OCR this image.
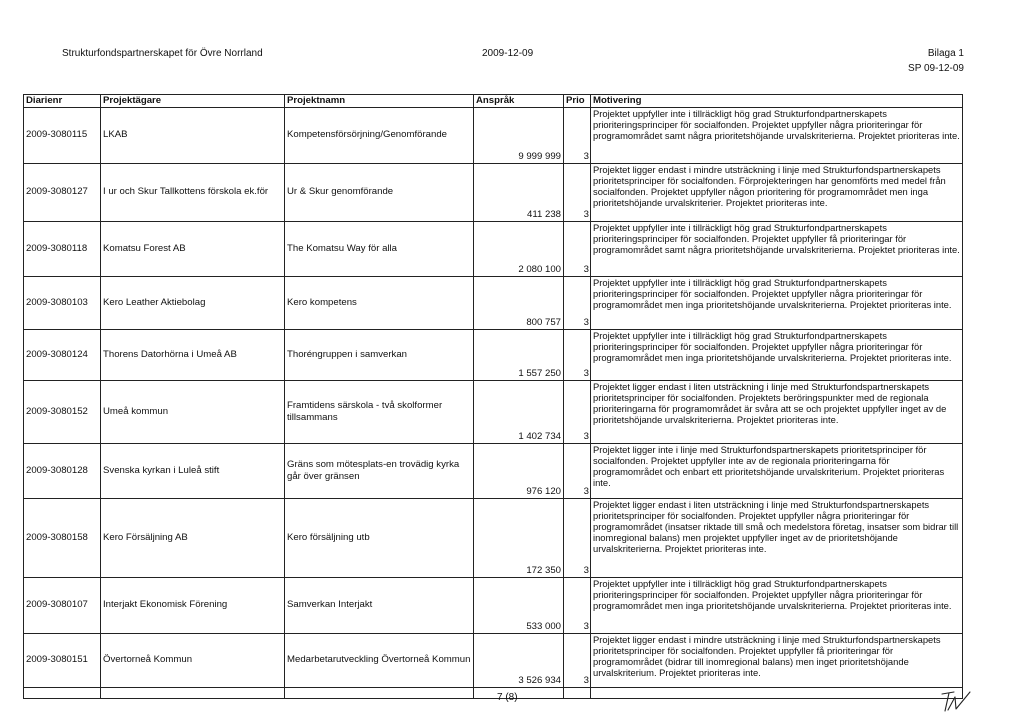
Strukturfondspartnerskapet för Övre Norrland	2009-12-09	Bilaga 1
SP 09-12-09
Diarienr	Projektägare	Projektnamn	Anspråk	Prio	Motivering
2009-3080115	LKAB	Kompetensförsörjning/Genomförande	9 999 999	3	Projektet uppfyller inte i tillräckligt hög grad Strukturfondpartnerskapets prioriteringsprinciper för socialfonden. Projektet uppfyller några prioriteringar för programområdet samt några prioritetshöjande urvalskriterierna. Projektet prioriteras inte.
2009-3080127	I ur och Skur Tallkottens förskola ek.för	Ur & Skur genomförande	411 238	3	Projektet ligger endast i mindre utsträckning i linje med Strukturfondspartnerskapets prioritetsprinciper för socialfonden. Förprojekteringen har genomförts med medel från socialfonden. Projektet uppfyller någon prioritering för programområdet men inga prioritetshöjande urvalskriterier. Projektet prioriteras inte.
2009-3080118	Komatsu Forest AB	The Komatsu Way för alla	2 080 100	3	Projektet uppfyller inte i tillräckligt hög grad Strukturfondpartnerskapets prioriteringsprinciper för socialfonden. Projektet uppfyller få prioriteringar för programområdet samt några prioritetshöjande urvalskriterierna. Projektet prioriteras inte.
2009-3080103	Kero Leather Aktiebolag	Kero kompetens	800 757	3	Projektet uppfyller inte i tillräckligt hög grad Strukturfondpartnerskapets prioriteringsprinciper för socialfonden. Projektet uppfyller några prioriteringar för programområdet men inga prioritetshöjande urvalskriterierna. Projektet prioriteras inte.
2009-3080124	Thorens Datorhörna i Umeå AB	Thoréngruppen i samverkan	1 557 250	3	Projektet uppfyller inte i tillräckligt hög grad Strukturfondpartnerskapets prioriteringsprinciper för socialfonden. Projektet uppfyller några prioriteringar för programområdet men inga prioritetshöjande urvalskriterierna. Projektet prioriteras inte.
2009-3080152	Umeå kommun	Framtidens särskola - två skolformer tillsammans	1 402 734	3	Projektet ligger endast i liten utsträckning i linje med Strukturfondspartnerskapets prioritetsprinciper för socialfonden. Projektets beröringspunkter med de regionala prioriteringarna för programområdet är svåra att se och projektet uppfyller inget av de prioritetshöjande urvalskriterierna. Projektet prioriteras inte.
2009-3080128	Svenska kyrkan i Luleå stift	Gräns som mötesplats-en trovädig kyrka går över gränsen	976 120	3	Projektet ligger inte i linje med Strukturfondspartnerskapets prioritetsprinciper för socialfonden. Projektet uppfyller inte av de regionala prioriteringarna för programområdet och enbart ett prioritetshöjande urvalskriterium. Projektet prioriteras inte.
2009-3080158	Kero Försäljning AB	Kero försäljning utb	172 350	3	Projektet ligger endast i liten utsträckning i linje med Strukturfondspartnerskapets prioritetsprinciper för socialfonden. Projektet uppfyller några prioriteringar för programområdet (insatser riktade till små och medelstora företag, insatser som bidrar till inomregional balans) men projektet uppfyller inget av de prioritetshöjande urvalskriterierna. Projektet prioriteras inte.
2009-3080107	Interjakt Ekonomisk Förening	Samverkan Interjakt	533 000	3	Projektet uppfyller inte i tillräckligt hög grad Strukturfondpartnerskapets prioriteringsprinciper för socialfonden. Projektet uppfyller några prioriteringar för programområdet men inga prioritetshöjande urvalskriterierna. Projektet prioriteras inte.
2009-3080151	Övertorneå Kommun	Medarbetarutveckling Övertorneå Kommun	3 526 934	3	Projektet ligger endast i mindre utsträckning i linje med Strukturfondspartnerskapets prioritetsprinciper för socialfonden. Projektet uppfyller få prioriteringar för programområdet (bidrar till inomregional balans) men inget prioritetshöjande urvalskriterium. Projektet prioriteras inte.

7 (8)
